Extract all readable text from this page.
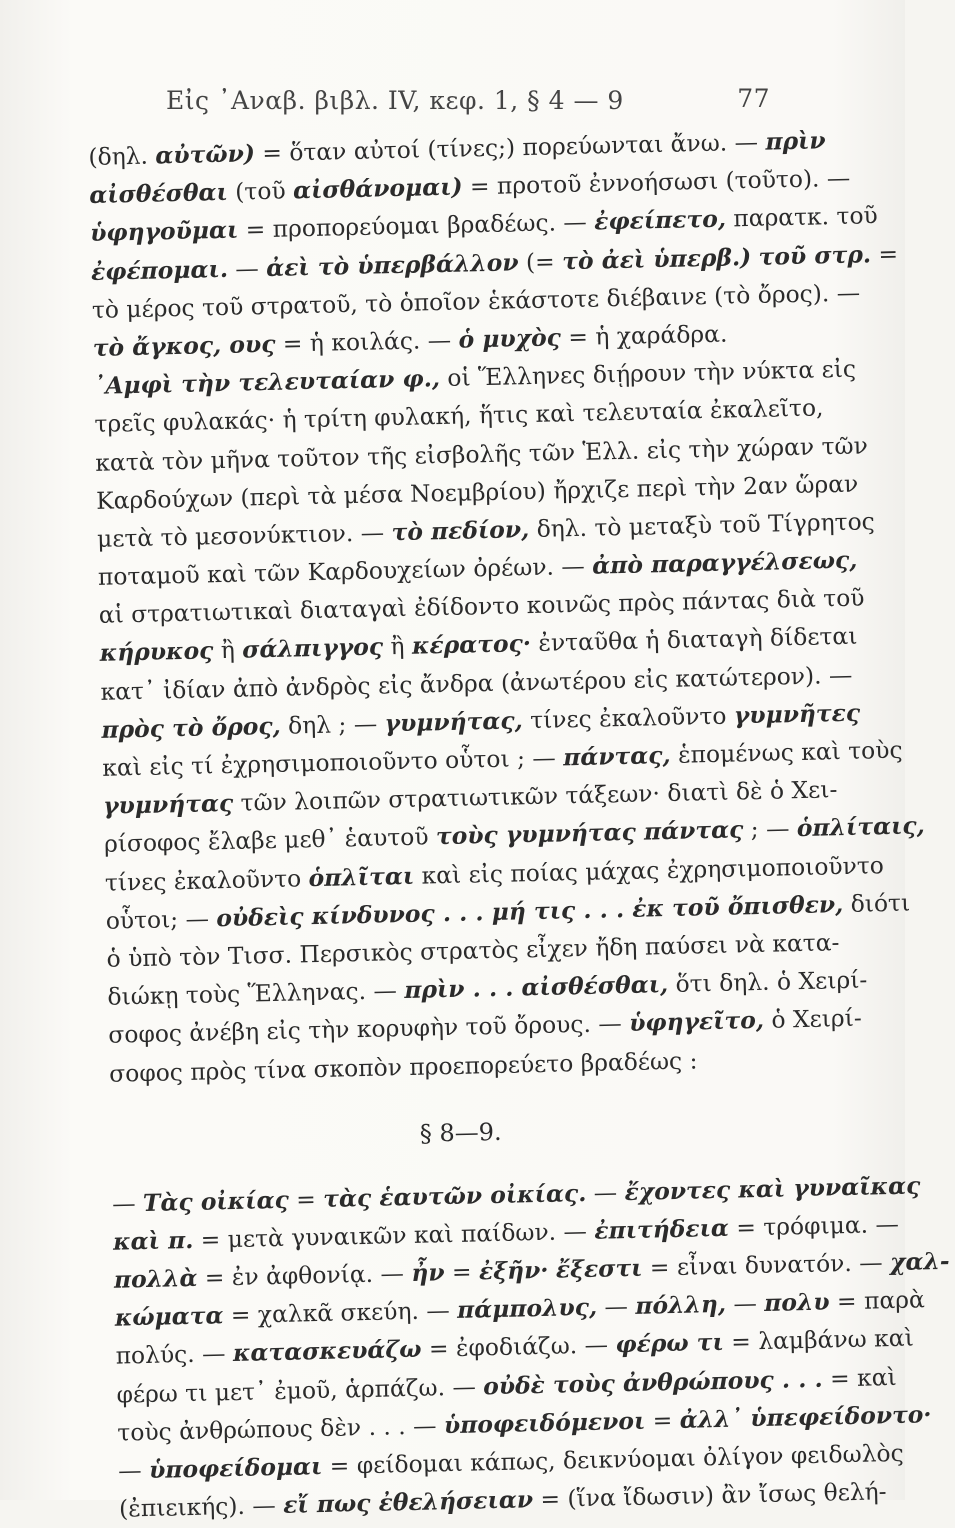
Εἰς ᾿Αναβ. βιβλ. IV, κεφ. 1, § 4 — 9	77
(δηλ. αὐτῶν) = ὅταν αὐτοί (τίνες;) πορεύωνται ἄνω. — πρὶν
αἰσθέσθαι (τοῦ αἰσθάνομαι) = προτοῦ ἐννοήσωσι (τοῦτο). —
ὑφηγοῦμαι = προπορεύομαι βραδέως. — ἐφείπετο, παρατκ. τοῦ
ἐφέπομαι. — ἀεὶ τὸ ὑπερβάλλον (= τὸ ἀεὶ ὑπερβ.) τοῦ στρ. =
τὸ μέρος τοῦ στρατοῦ, τὸ ὁποῖον ἑκάστοτε διέβαινε (τὸ ὄρος). —
τὸ ἄγκος, ους = ἡ κοιλάς. — ὁ μυχὸς = ἡ χαράδρα.
᾿Αμφὶ τὴν τελευταίαν φ., οἱ Ἕλληνες διῄρουν τὴν νύκτα εἰς
τρεῖς φυλακάς· ἡ τρίτη φυλακή, ἥτις καὶ τελευταία ἐκαλεῖτο,
κατὰ τὸν μῆνα τοῦτον τῆς εἰσβολῆς τῶν Ἑλλ. εἰς τὴν χώραν τῶν
Καρδούχων (περὶ τὰ μέσα Νοεμβρίου) ἤρχιζε περὶ τὴν 2αν ὥραν
μετὰ τὸ μεσονύκτιον. — τὸ πεδίον, δηλ. τὸ μεταξὺ τοῦ Τίγρητος
ποταμοῦ καὶ τῶν Καρδουχείων ὀρέων. — ἀπὸ παραγγέλσεως,
αἱ στρατιωτικαὶ διαταγαὶ ἐδίδοντο κοινῶς πρὸς πάντας διὰ τοῦ
κήρυκος ἢ σάλπιγγος ἢ κέρατος· ἐνταῦθα ἡ διαταγὴ δίδεται
κατ᾿ ἰδίαν ἀπὸ ἀνδρὸς εἰς ἄνδρα (ἀνωτέρου εἰς κατώτερον). —
πρὸς τὸ ὄρος, δηλ ; — γυμνήτας, τίνες ἐκαλοῦντο γυμνῆτες
καὶ εἰς τί ἐχρησιμοποιοῦντο οὗτοι ; — πάντας, ἑπομένως καὶ τοὺς
γυμνήτας τῶν λοιπῶν στρατιωτικῶν τάξεων· διατὶ δὲ ὁ Χει-
ρίσοφος ἔλαβε μεθ᾿ ἑαυτοῦ τοὺς γυμνήτας πάντας ; — ὁπλίταις,
τίνες ἐκαλοῦντο ὁπλῖται καὶ εἰς ποίας μάχας ἐχρησιμοποιοῦντο
οὗτοι; — οὐδεὶς κίνδυνος . . . μή τις . . . ἐκ τοῦ ὄπισθεν, διότι
ὁ ὑπὸ τὸν Τισσ. Περσικὸς στρατὸς εἶχεν ἤδη παύσει νὰ κατα-
διώκῃ τοὺς Ἕλληνας. — πρὶν . . . αἰσθέσθαι, ὅτι δηλ. ὁ Χειρί-
σοφος ἀνέβη εἰς τὴν κορυφὴν τοῦ ὄρους. — ὑφηγεῖτο, ὁ Χειρί-
σοφος πρὸς τίνα σκοπὸν προεπορεύετο βραδέως :
§ 8—9.
— Τὰς οἰκίας = τὰς ἑαυτῶν οἰκίας. — ἔχοντες καὶ γυναῖκας
καὶ π. = μετὰ γυναικῶν καὶ παίδων. — ἐπιτήδεια = τρόφιμα. —
πολλὰ = ἐν ἀφθονίᾳ. — ἦν = ἐξῆν· ἔξεστι = εἶναι δυνατόν. — χαλ-
κώματα = χαλκᾶ σκεύη. — πάμπολυς, — πόλλη, — πολυ = παρὰ
πολύς. — κατασκευάζω = ἐφοδιάζω. — φέρω τι = λαμβάνω καὶ
φέρω τι μετ᾿ ἐμοῦ, ἁρπάζω. — οὐδὲ τοὺς ἀνθρώπους . . . = καὶ
τοὺς ἀνθρώπους δὲν . . . — ὑποφειδόμενοι = ἀλλ᾿ ὑπεφείδοντο·
— ὑποφείδομαι = φείδομαι κάπως, δεικνύομαι ὀλίγον φειδωλὸς
(ἐπιεικής). — εἴ πως ἐθελήσειαν = (ἵνα ἴδωσιν) ἂν ἴσως θελή-
